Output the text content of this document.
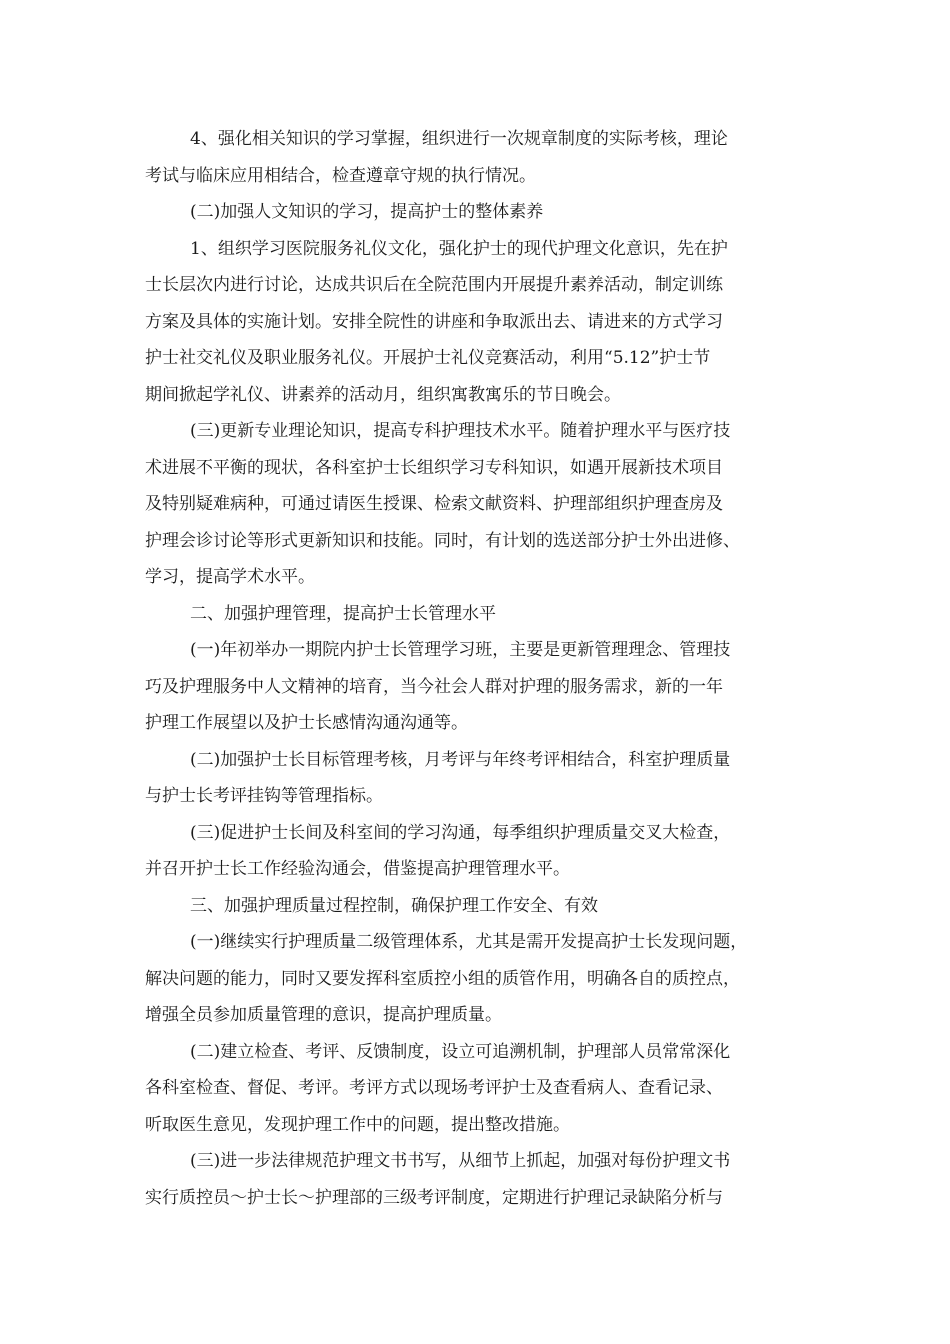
4、强化相关知识的学习掌握，组织进行一次规章制度的实际考核，理论
考试与临床应用相结合，检查遵章守规的执行情况。
(二)加强人文知识的学习，提高护士的整体素养
1、组织学习医院服务礼仪文化，强化护士的现代护理文化意识，先在护
士长层次内进行讨论，达成共识后在全院范围内开展提升素养活动，制定训练
方案及具体的实施计划。安排全院性的讲座和争取派出去、请进来的方式学习
护士社交礼仪及职业服务礼仪。开展护士礼仪竞赛活动，利用“5.12”护士节
期间掀起学礼仪、讲素养的活动月，组织寓教寓乐的节日晚会。
(三)更新专业理论知识，提高专科护理技术水平。随着护理水平与医疗技
术进展不平衡的现状，各科室护士长组织学习专科知识，如遇开展新技术项目
及特别疑难病种，可通过请医生授课、检索文献资料、护理部组织护理查房及
护理会诊讨论等形式更新知识和技能。同时，有计划的选送部分护士外出进修、
学习，提高学术水平。
二、加强护理管理，提高护士长管理水平
(一)年初举办一期院内护士长管理学习班，主要是更新管理理念、管理技
巧及护理服务中人文精神的培育，当今社会人群对护理的服务需求，新的一年
护理工作展望以及护士长感情沟通沟通等。
(二)加强护士长目标管理考核，月考评与年终考评相结合，科室护理质量
与护士长考评挂钩等管理指标。
(三)促进护士长间及科室间的学习沟通，每季组织护理质量交叉大检查，
并召开护士长工作经验沟通会，借鉴提高护理管理水平。
三、加强护理质量过程控制，确保护理工作安全、有效
(一)继续实行护理质量二级管理体系，尤其是需开发提高护士长发现问题，
解决问题的能力，同时又要发挥科室质控小组的质管作用，明确各自的质控点，
增强全员参加质量管理的意识，提高护理质量。
(二)建立检查、考评、反馈制度，设立可追溯机制，护理部人员常常深化
各科室检查、督促、考评。考评方式以现场考评护士及查看病人、查看记录、
听取医生意见，发现护理工作中的问题，提出整改措施。
(三)进一步法律规范护理文书书写，从细节上抓起，加强对每份护理文书
实行质控员～护士长～护理部的三级考评制度，定期进行护理记录缺陷分析与
